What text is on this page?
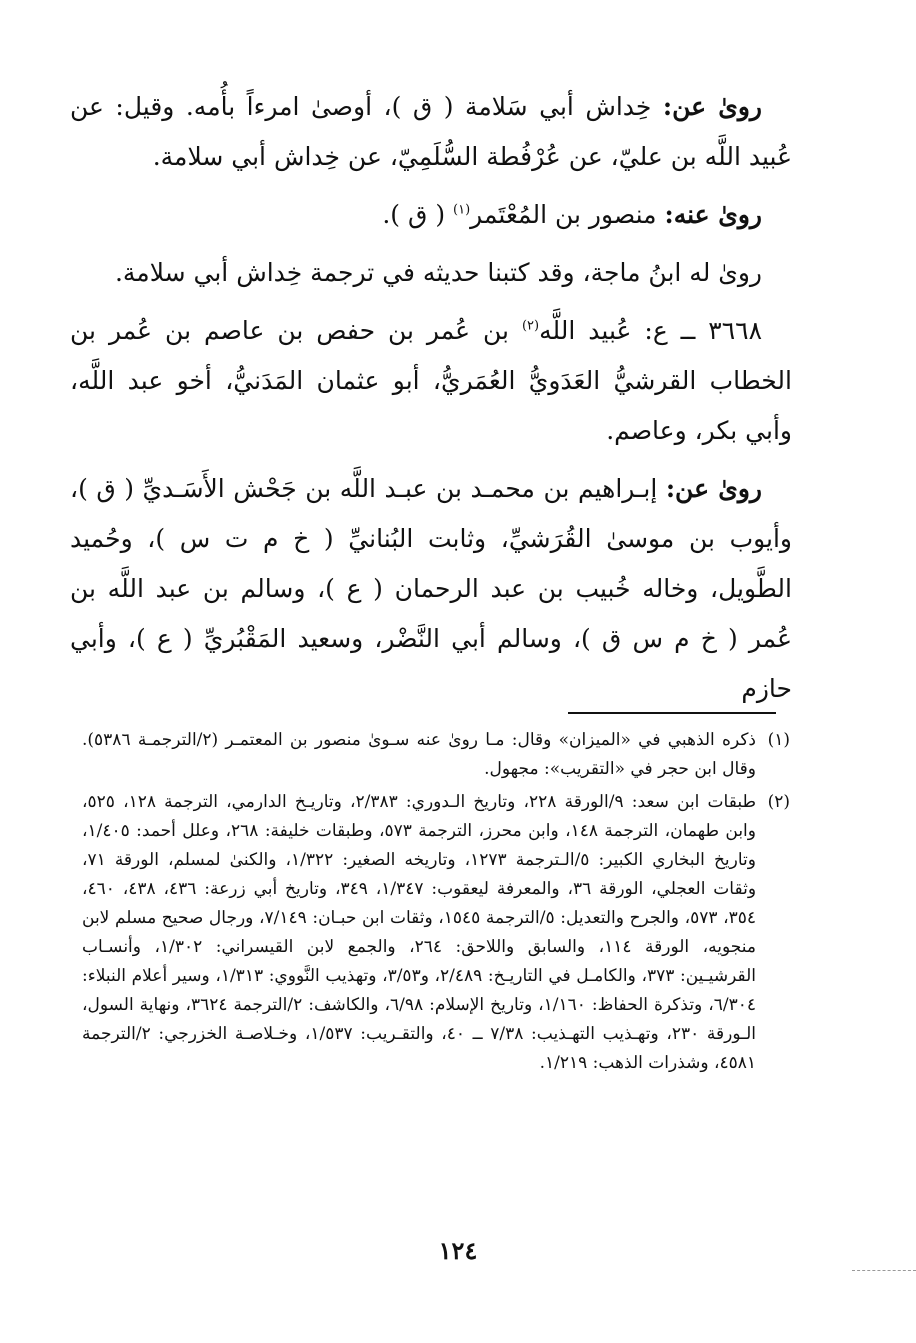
رویٰ عن: خِداش أبي سَلامة ( ق )، أوصىٰ امرءاً بأُمه. وقيل: عن عُبيد اللَّه بن عليّ، عن عُرْفُطة السُّلَمِيّ، عن خِداش أبي سلامة.

رویٰ عنه: منصور بن المُعْتَمر$^{(١)}$ ( ق ).

رویٰ له ابنُ ماجة، وقد كتبنا حديثه في ترجمة خِداش أبي سلامة.

٣٦٦٨ ــ ع: عُبيد اللَّه$^{(٢)}$ بن عُمر بن حفص بن عاصم بن عُمر بن الخطاب القرشيُّ العَدَويُّ العُمَريُّ، أبو عثمان المَدَنيُّ، أخو عبد اللَّه، وأبي بكر، وعاصم.

رویٰ عن: إبـراهيم بن محمـد بن عبـد اللَّه بن جَحْش الأَسَـديِّ ( ق )، وأيوب بن موسىٰ القُرَشيِّ، وثابت البُنانيِّ ( خ م ت س )، وحُميد الطَّويل، وخاله خُبيب بن عبد الرحمان ( ع )، وسالم بن عبد اللَّه بن عُمر ( خ م س ق )، وسالم أبي النَّضْر، وسعيد المَقْبُريِّ ( ع )، وأبي حازم

(١)
ذكره الذهبي في «الميزان» وقال: مـا روىٰ عنه سـوىٰ منصور بن المعتمـر (٢/الترجمـة ٥٣٨٦). وقال ابن حجر في «التقريب»: مجهول.

(٢)
طبقات ابن سعد: ٩/الورقة ٢٢٨، وتاريخ الـدوري: ٢/٣٨٣، وتاريـخ الدارمي، الترجمة ١٢٨، ٥٢٥، وابن طهمان، الترجمة ١٤٨، وابن محرز، الترجمة ٥٧٣، وطبقات خليفة: ٢٦٨، وعلل أحمد: ١/٤٠٥، وتاريخ البخاري الكبير: ٥/الـترجمة ١٢٧٣، وتاريخه الصغير: ١/٣٢٢، والكنىٰ لمسلم، الورقة ٧١، وثقات العجلي، الورقة ٣٦، والمعرفة ليعقوب: ١/٣٤٧، ٣٤٩، وتاريخ أبي زرعة: ٤٣٦، ٤٣٨، ٤٦٠، ٣٥٤، ٥٧٣، والجرح والتعديل: ٥/الترجمة ١٥٤٥، وثقات ابن حبـان: ٧/١٤٩، ورجال صحيح مسلم لابن منجويه، الورقة ١١٤، والسابق واللاحق: ٢٦٤، والجمع لابن القيسراني: ١/٣٠٢، وأنسـاب القرشيـين: ٣٧٣، والكامـل في التاريـخ: ٢/٤٨٩، و٣/٥٣، وتهذيب النَّووي: ١/٣١٣، وسير أعلام النبلاء: ٦/٣٠٤، وتذكرة الحفاظ: ١/١٦٠، وتاريخ الإسلام: ٦/٩٨، والكاشف: ٢/الترجمة ٣٦٢٤، ونهاية السول، الـورقة ٢٣٠، وتهـذيب التهـذيب: ٧/٣٨ ــ ٤٠، والتقـريب: ١/٥٣٧، وخـلاصـة الخزرجي: ٢/الترجمة ٤٥٨١، وشذرات الذهب: ١/٢١٩.

١٢٤
